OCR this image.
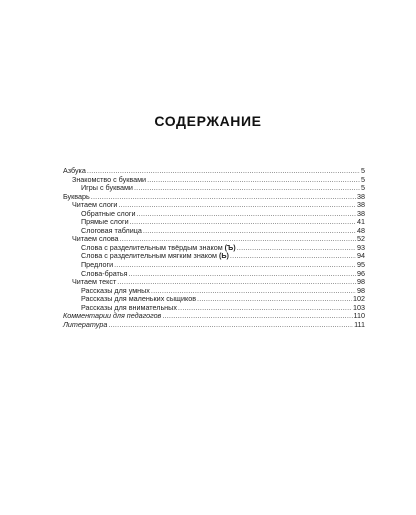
СОДЕРЖАНИЕ
Азбука .....	5
Знакомство с буквами .....	5
Игры с буквами .....	5
Букварь .....	38
Читаем слоги .....	38
Обратные слоги .....	38
Прямые слоги .....	41
Слоговая таблица .....	48
Читаем слова .....	52
Слова с разделительным твёрдым знаком (Ъ) .....	93
Слова с разделительным мягким знаком (Ь) .....	94
Предлоги .....	95
Слова-братья .....	96
Читаем текст .....	98
Рассказы для умных .....	98
Рассказы для маленьких сыщиков .....	102
Рассказы для внимательных .....	103
Комментарии для педагогов .....	110
Литература .....	111
